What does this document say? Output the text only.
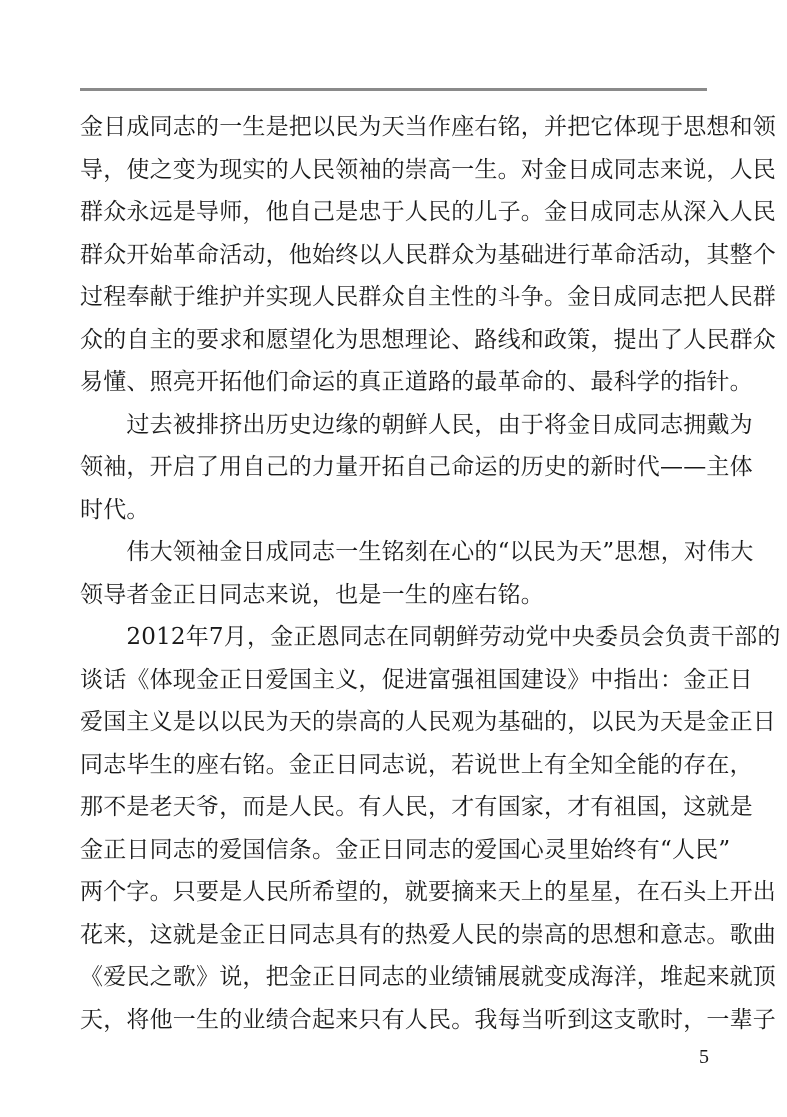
金日成同志的一生是把以民为天当作座右铭，并把它体现于思想和领
导，使之变为现实的人民领袖的崇高一生。对金日成同志来说，人民
群众永远是导师，他自己是忠于人民的儿子。金日成同志从深入人民
群众开始革命活动，他始终以人民群众为基础进行革命活动，其整个
过程奉献于维护并实现人民群众自主性的斗争。金日成同志把人民群
众的自主的要求和愿望化为思想理论、路线和政策，提出了人民群众
易懂、照亮开拓他们命运的真正道路的最革命的、最科学的指针。
　　过去被排挤出历史边缘的朝鲜人民，由于将金日成同志拥戴为
领袖，开启了用自己的力量开拓自己命运的历史的新时代——主体
时代。
　　伟大领袖金日成同志一生铭刻在心的“以民为天”思想，对伟大
领导者金正日同志来说，也是一生的座右铭。
　　2012年7月，金正恩同志在同朝鲜劳动党中央委员会负责干部的
谈话《体现金正日爱国主义，促进富强祖国建设》中指出：金正日
爱国主义是以以民为天的崇高的人民观为基础的，以民为天是金正日
同志毕生的座右铭。金正日同志说，若说世上有全知全能的存在，
那不是老天爷，而是人民。有人民，才有国家，才有祖国，这就是
金正日同志的爱国信条。金正日同志的爱国心灵里始终有“人民”
两个字。只要是人民所希望的，就要摘来天上的星星，在石头上开出
花来，这就是金正日同志具有的热爱人民的崇高的思想和意志。歌曲
《爱民之歌》说，把金正日同志的业绩铺展就变成海洋，堆起来就顶
天，将他一生的业绩合起来只有人民。我每当听到这支歌时，一辈子
5
